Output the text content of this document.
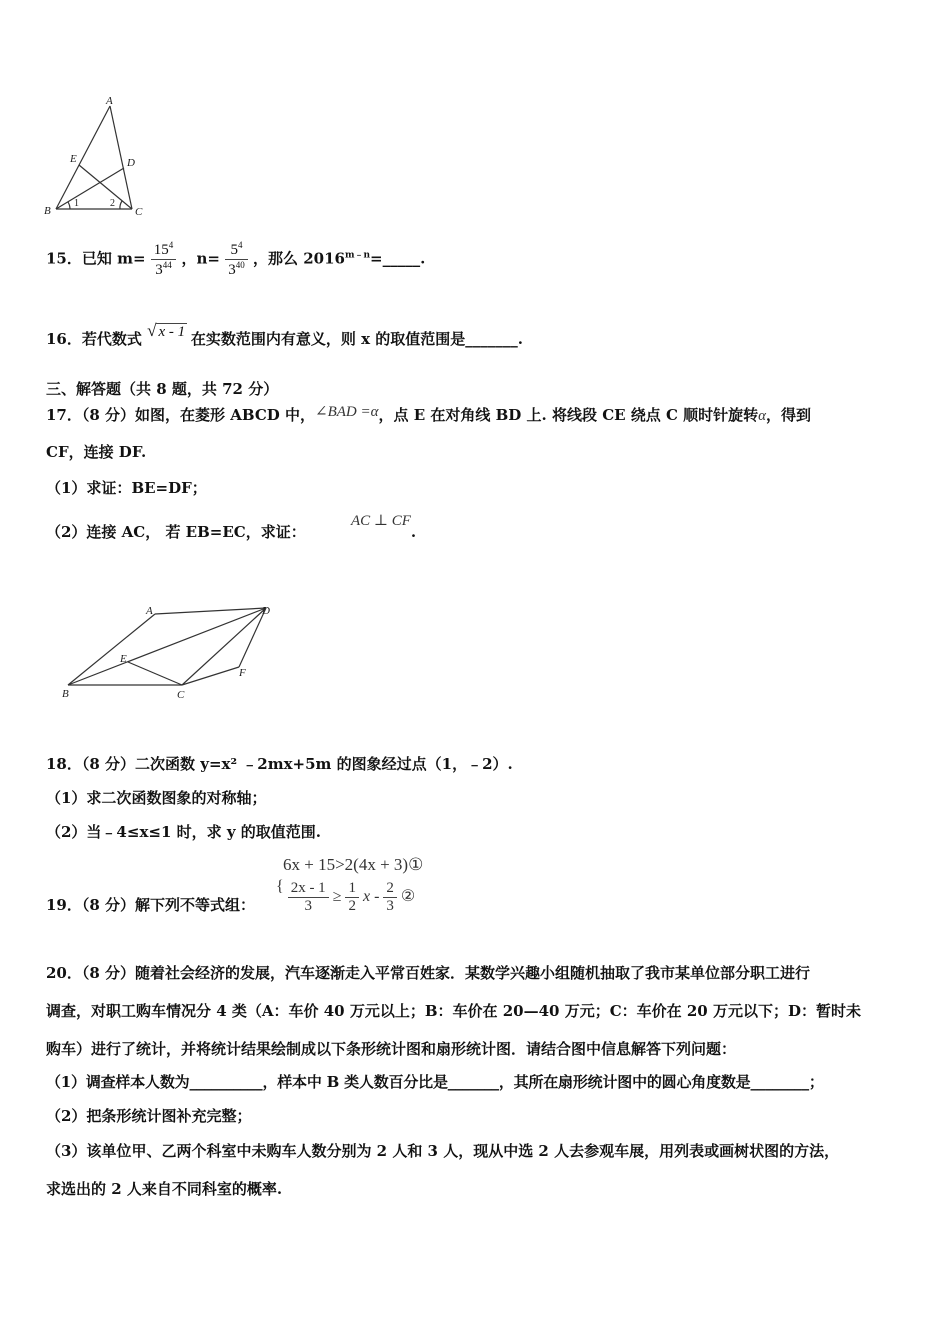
A
E	D
B	C
1	2
15．已知 $m= \frac{15^4}{3^{44}}$ ，$n= \frac{5^4}{3^{40}}$ ，那么 $2016^{m﹣n}=\_\_\_\_\_$.
16．若代数式 √ x - 1 在实数范围内有意义，则 x 的取值范围是_______.
三、解答题（共 8 题，共 72 分）
17．（8 分）如图，在菱形 ABCD 中，∠BAD =α，点 E 在对角线 BD 上. 将线段 CE 绕点 C 顺时针旋转α，得到
CF，连接 DF.
（1）求证：BE=DF；
（2）连接 AC， 若 EB=EC，求证： AC ⊥ CF.
A	D
E
F
B	C
18．（8 分）二次函数 y=x² ﹣2mx+5m 的图象经过点（1，﹣2）.
（1）求二次函数图象的对称轴；
（2）当﹣4≤x≤1 时，求 y 的取值范围.
6x + 15>2(4x + 3)①
19．（8 分）解下列不等式组：
{ $\frac{2x - 1}{3} \ge \frac{1}{2}$ x - $\frac{2}{3}$ ②
20．（8 分）随着社会经济的发展，汽车逐渐走入平常百姓家．某数学兴趣小组随机抽取了我市某单位部分职工进行
调查，对职工购车情况分 4 类（A：车价 40 万元以上；B：车价在 20—40 万元；C：车价在 20 万元以下；D：暂时未
购车）进行了统计，并将统计结果绘制成以下条形统计图和扇形统计图．请结合图中信息解答下列问题：
（1）调查样本人数为__________，样本中 B 类人数百分比是_______，其所在扇形统计图中的圆心角度数是________；
（2）把条形统计图补充完整；
（3）该单位甲、乙两个科室中未购车人数分别为 2 人和 3 人，现从中选 2 人去参观车展，用列表或画树状图的方法，
求选出的 2 人来自不同科室的概率.
